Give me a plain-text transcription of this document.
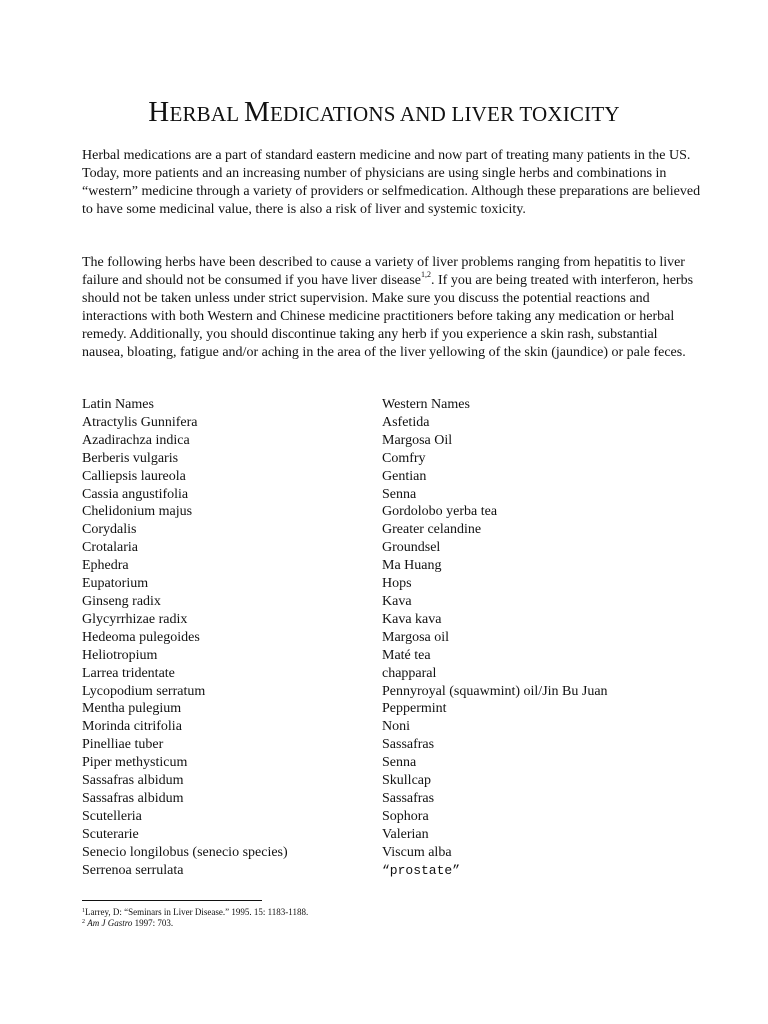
HERBAL MEDICATIONS AND LIVER TOXICITY

Herbal medications are a part of standard eastern medicine and now part of treating many patients in the US. Today, more patients and an increasing number of physicians are using single herbs and combinations in “western” medicine through a variety of providers or selfmedication. Although these preparations are believed to have some medicinal value, there is also a risk of liver and systemic toxicity.

The following herbs have been described to cause a variety of liver problems ranging from hepatitis to liver failure and should not be consumed if you have liver disease$^{1,2}$. If you are being treated with interferon, herbs should not be taken unless under strict supervision. Make sure you discuss the potential reactions and interactions with both Western and Chinese medicine practitioners before taking any medication or herbal remedy. Additionally, you should discontinue taking any herb if you experience a skin rash, substantial nausea, bloating, fatigue and/or aching in the area of the liver yellowing of the skin (jaundice) or pale feces.

Latin Names
Atractylis Gunnifera
Azadirachza indica
Berberis vulgaris
Calliepsis laureola
Cassia angustifolia
Chelidonium majus
Corydalis
Crotalaria
Ephedra
Eupatorium
Ginseng radix
Glycyrrhizae radix
Hedeoma pulegoides
Heliotropium
Larrea tridentate
Lycopodium serratum
Mentha pulegium
Morinda citrifolia
Pinelliae tuber
Piper methysticum
Sassafras albidum
Sassafras albidum
Scutelleria
Scuterarie
Senecio longilobus (senecio species)
Serrenoa serrulata
Western Names
Asfetida
Margosa Oil
Comfry
Gentian
Senna
Gordolobo yerba tea
Greater celandine
Groundsel
Ma Huang
Hops
Kava
Kava kava
Margosa oil
Maté tea
chapparal
Pennyroyal (squawmint) oil/Jin Bu Juan
Peppermint
Noni
Sassafras
Senna
Skullcap
Sassafras
Sophora
Valerian
Viscum alba
“prostate”
$^1$Larrey, D: “Seminars in Liver Disease.” 1995. 15: 1183-1188.
$^2$ Am J Gastro 1997: 703.
